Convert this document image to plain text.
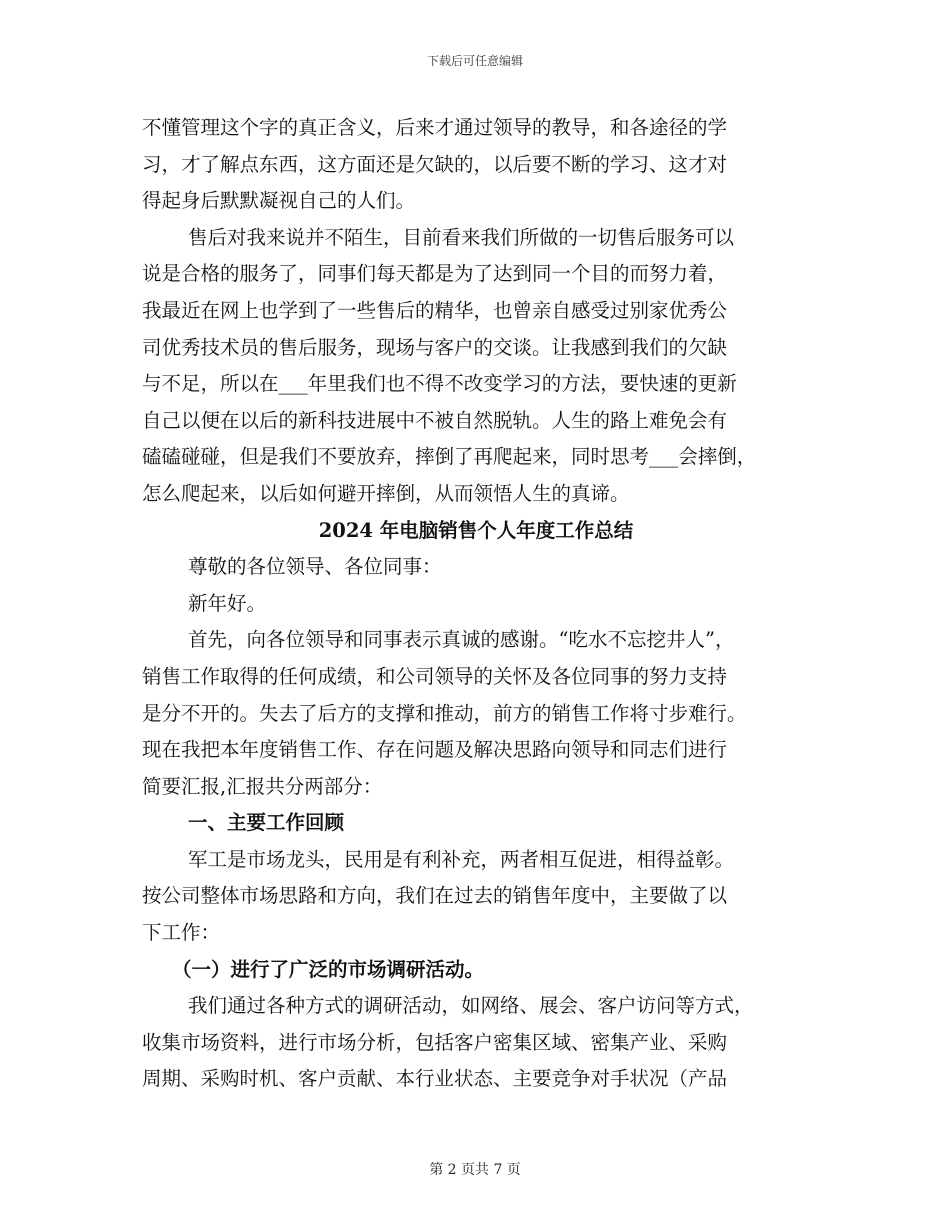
下载后可任意编辑
不懂管理这个字的真正含义，后来才通过领导的教导，和各途径的学
习，才了解点东西，这方面还是欠缺的，以后要不断的学习、这才对
得起身后默默凝视自己的人们。
售后对我来说并不陌生，目前看来我们所做的一切售后服务可以
说是合格的服务了，同事们每天都是为了达到同一个目的而努力着，
我最近在网上也学到了一些售后的精华，也曾亲自感受过别家优秀公
司优秀技术员的售后服务，现场与客户的交谈。让我感到我们的欠缺
与不足，所以在___年里我们也不得不改变学习的方法，要快速的更新
自己以便在以后的新科技进展中不被自然脱轨。人生的路上难免会有
磕磕碰碰，但是我们不要放弃，摔倒了再爬起来，同时思考___会摔倒，
怎么爬起来，以后如何避开摔倒，从而领悟人生的真谛。
2024 年电脑销售个人年度工作总结
尊敬的各位领导、各位同事：
新年好。
首先，向各位领导和同事表示真诚的感谢。“吃水不忘挖井人”，
销售工作取得的任何成绩，和公司领导的关怀及各位同事的努力支持
是分不开的。失去了后方的支撑和推动，前方的销售工作将寸步难行。
现在我把本年度销售工作、存在问题及解决思路向领导和同志们进行
简要汇报,汇报共分两部分：
一、主要工作回顾
军工是市场龙头，民用是有利补充，两者相互促进，相得益彰。
按公司整体市场思路和方向，我们在过去的销售年度中，主要做了以
下工作：
（一）进行了广泛的市场调研活动。
我们通过各种方式的调研活动，如网络、展会、客户访问等方式，
收集市场资料，进行市场分析，包括客户密集区域、密集产业、采购
周期、采购时机、客户贡献、本行业状态、主要竞争对手状况（产品
第 2 页共 7 页
